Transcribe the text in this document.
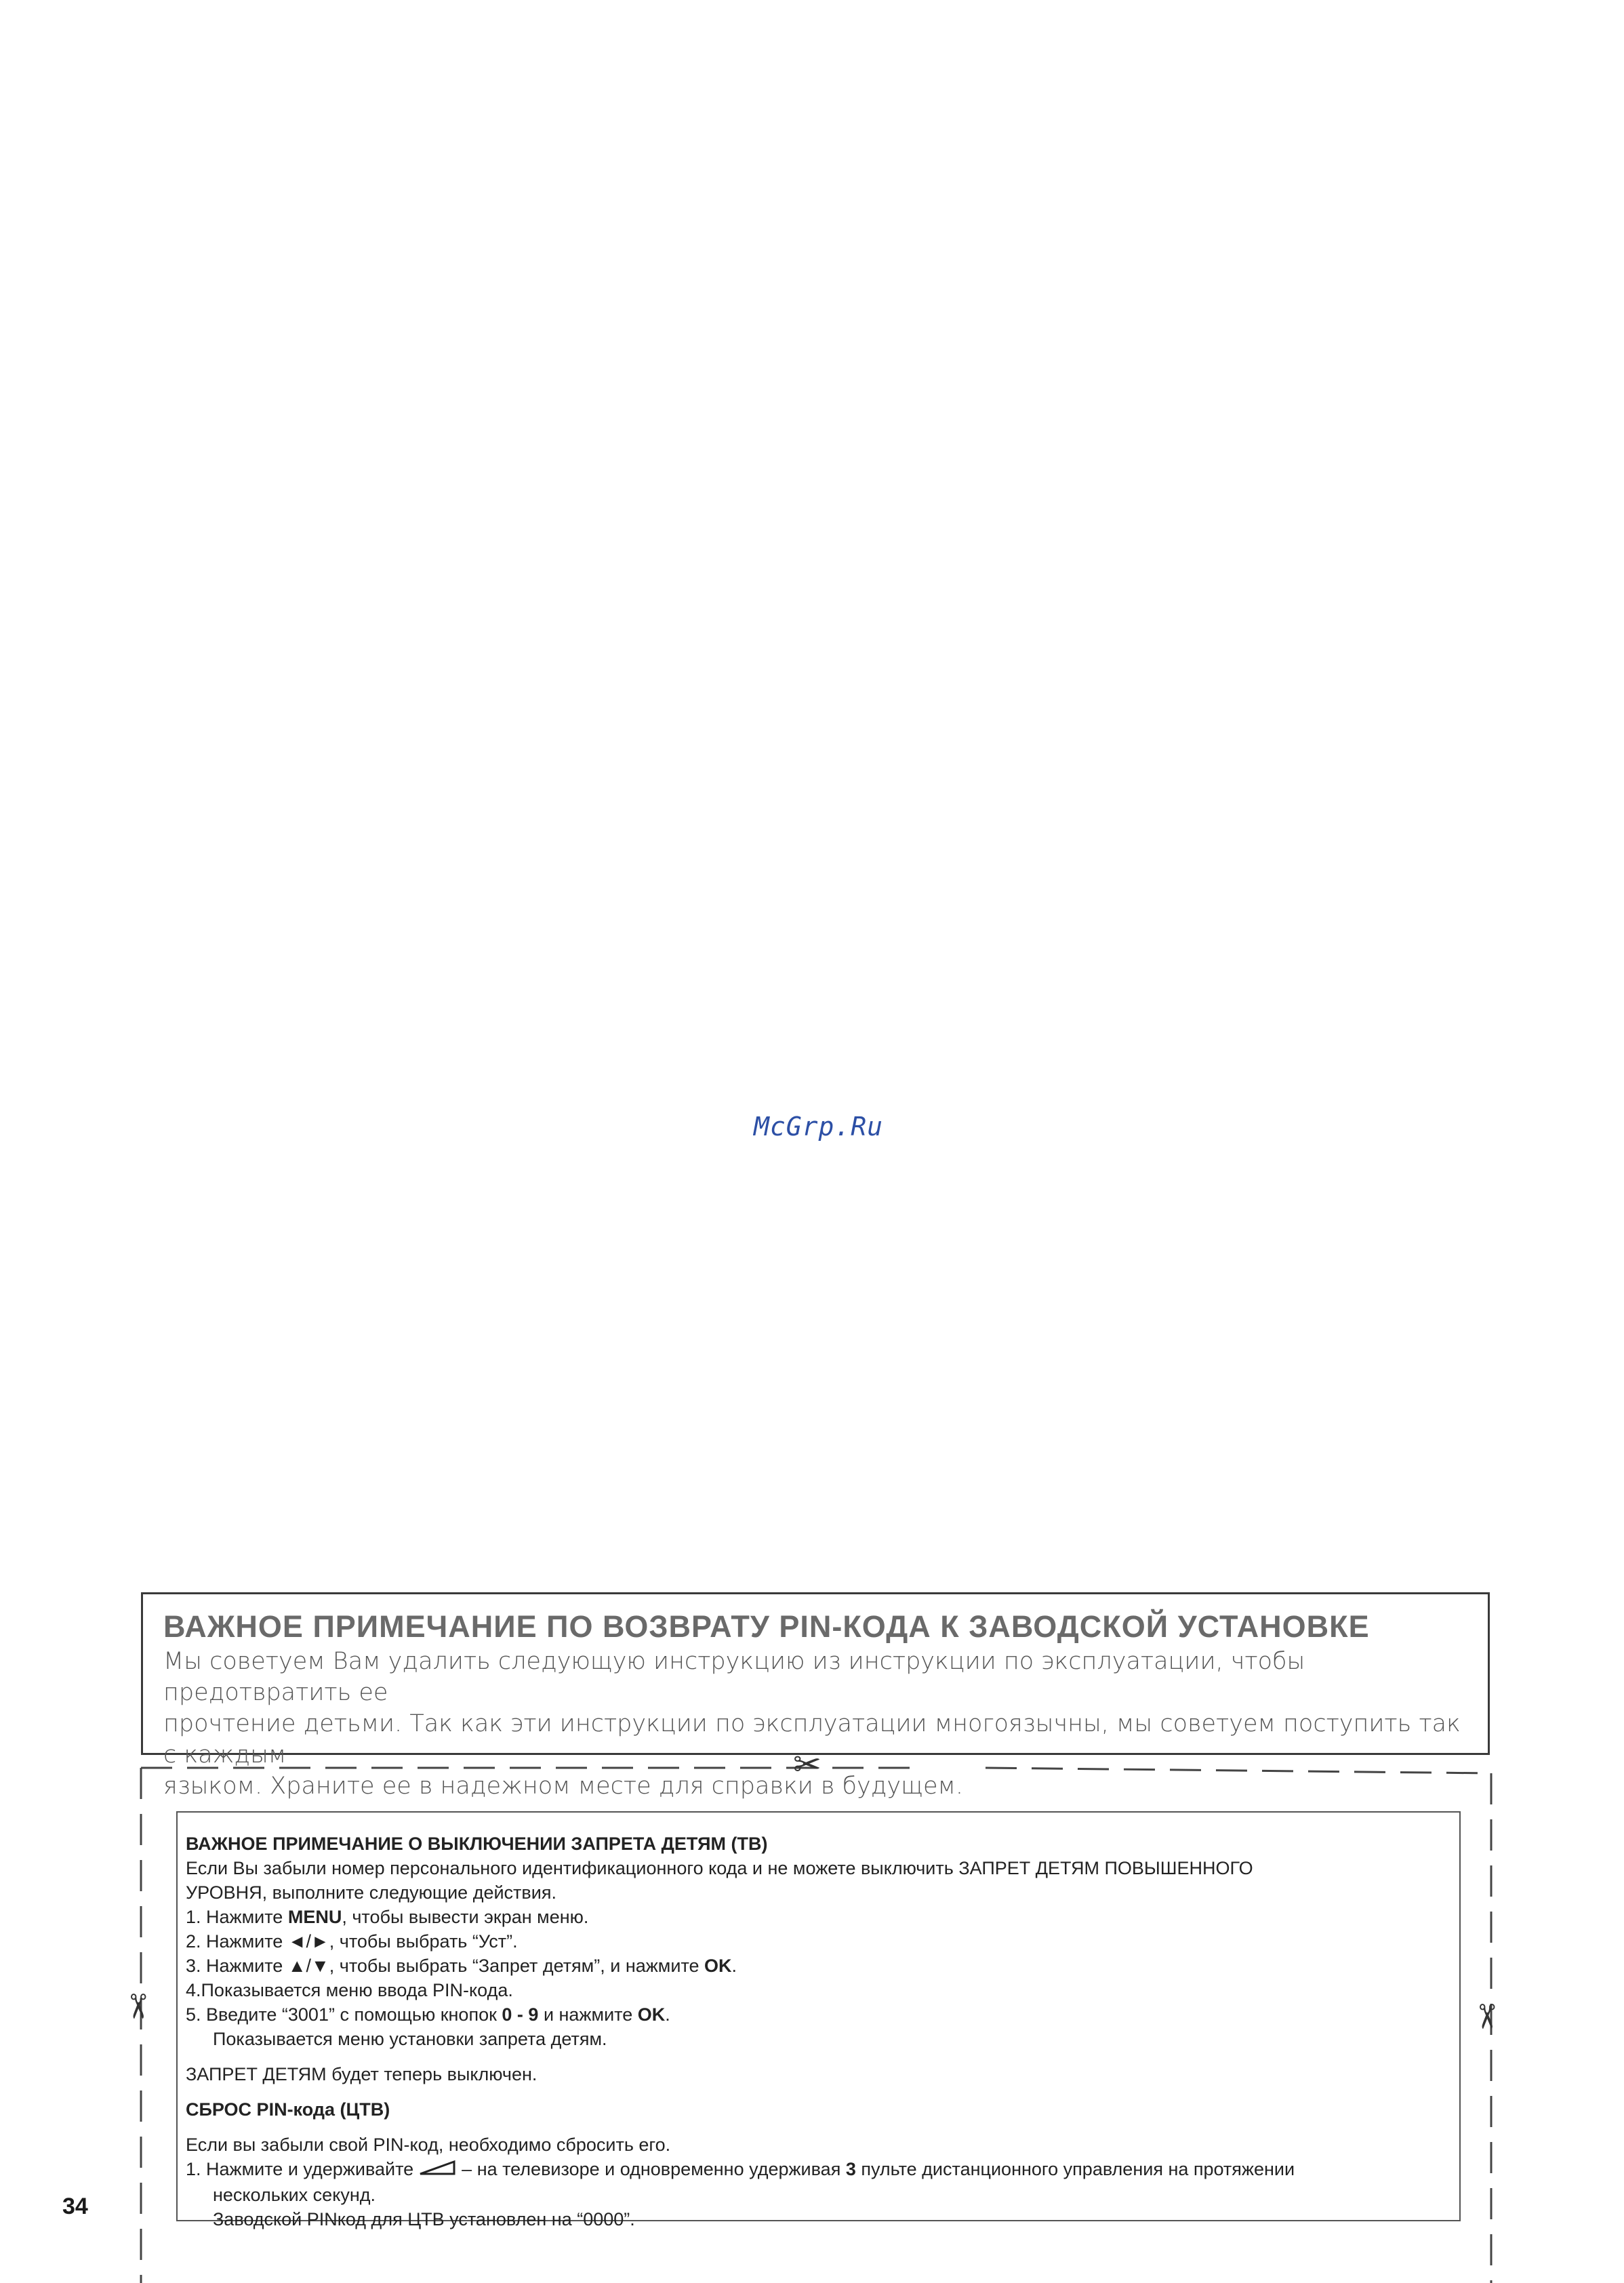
McGrp.Ru
ВАЖНОЕ ПРИМЕЧАНИЕ ПО ВОЗВРАТУ PIN-КОДА К ЗАВОДСКОЙ УСТАНОВКЕ

Мы советуем Вам удалить следующую инструкцию из инструкции по эксплуатации, чтобы предотвратить ее

прочтение детьми. Так как эти инструкции по эксплуатации многоязычны, мы советуем поступить так с каждым

языком. Храните ее в надежном месте для справки в будущем.

✂
✂	✂

ВАЖНОЕ ПРИМЕЧАНИЕ О ВЫКЛЮЧЕНИИ ЗАПРЕТА ДЕТЯМ (ТВ)

Если Вы забыли номер персонального идентификационного кода и не можете выключить ЗАПРЕТ ДЕТЯМ ПОВЫШЕННОГО

УРОВНЯ, выполните следующие действия.

1. Нажмите MENU, чтобы вывести экран меню.

2. Нажмите ◄/►, чтобы выбрать “Уст”.

3. Нажмите ▲/▼, чтобы выбрать “Запрет детям”, и нажмите OK.

4.Показывается меню ввода PIN-кода.

5. Введите “3001” с помощью кнопок 0 - 9 и нажмите OK.

Показывается меню установки запрета детям.

ЗАПРЕТ ДЕТЯМ будет теперь выключен.

СБРОС PIN-кода (ЦТВ)

Если вы забыли свой PIN-код, необходимо сбросить его.

1. Нажмите и удерживайте  – на телевизоре и одновременно удерживая 3 пульте дистанционного управления на протяжении

нескольких секунд.

Заводской PINкод для ЦТВ установлен на “0000”.

34
